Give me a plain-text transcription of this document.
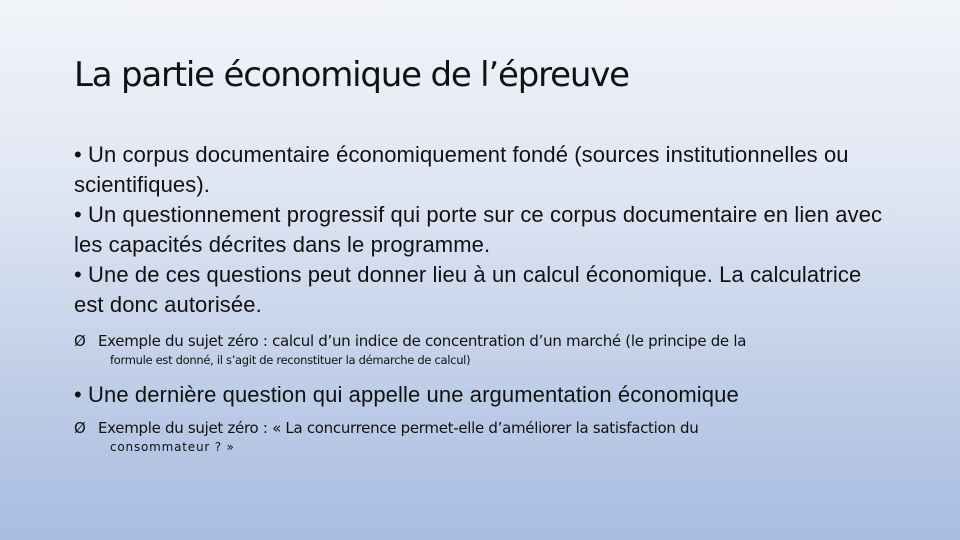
La partie économique de l’épreuve

• Un corpus documentaire économiquement fondé (sources institutionnelles ou scientifiques).

• Un questionnement progressif qui porte sur ce corpus documentaire en lien avec les capacités décrites dans le programme.

• Une de ces questions peut donner lieu à un calcul économique. La calculatrice est donc autorisée.

Ø Exemple du sujet zéro : calcul d’un indice de concentration d’un marché (le principe de la
formule est donné, il s’agit de reconstituer la démarche de calcul)

• Une dernière question qui appelle une argumentation économique

Ø Exemple du sujet zéro : « La concurrence permet-elle d’améliorer la satisfaction du
consommateur ? »
